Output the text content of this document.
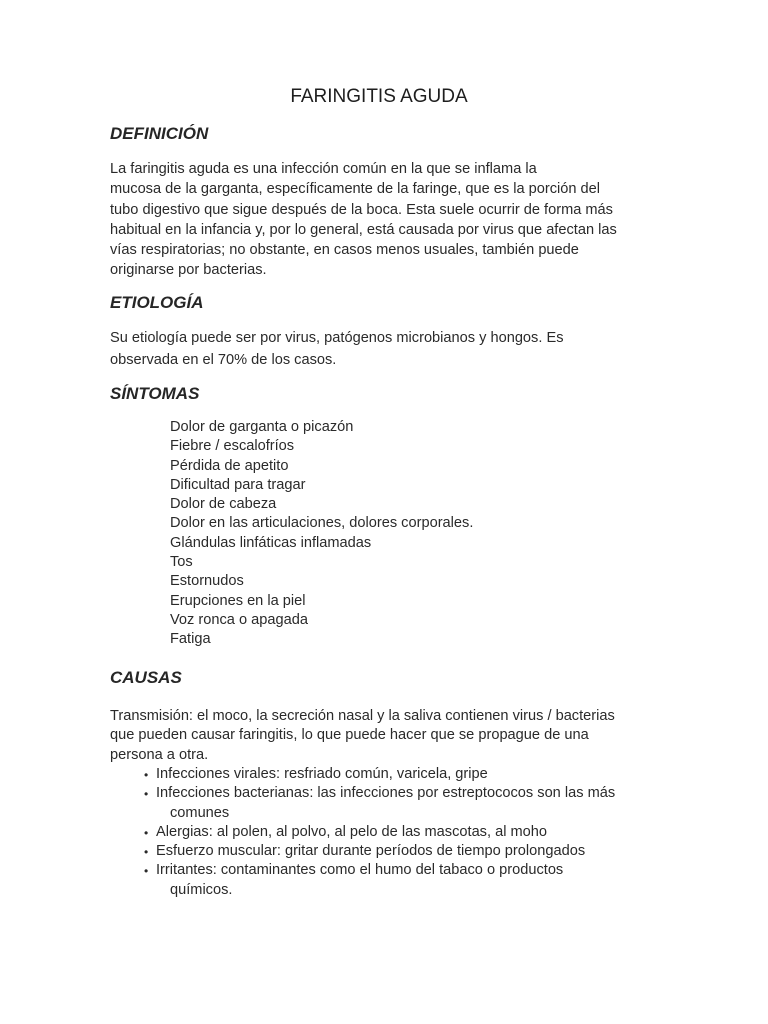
FARINGITIS AGUDA
DEFINICIÓN

La faringitis aguda es una infección común en la que se inflama la
mucosa de la garganta, específicamente de la faringe, que es la porción del
tubo digestivo que sigue después de la boca. Esta suele ocurrir de forma más
habitual en la infancia y, por lo general, está causada por virus que afectan las
vías respiratorias; no obstante, en casos menos usuales, también puede
originarse por bacterias.

ETIOLOGÍA

Su etiología puede ser por virus, patógenos microbianos y hongos. Es
observada en el 70% de los casos.

SÍNTOMAS
Dolor de garganta o picazón
Fiebre / escalofríos
Pérdida de apetito
Dificultad para tragar
Dolor de cabeza
Dolor en las articulaciones, dolores corporales.
Glándulas linfáticas inflamadas
Tos
Estornudos
Erupciones en la piel
Voz ronca o apagada
Fatiga
CAUSAS

Transmisión: el moco, la secreción nasal y la saliva contienen virus / bacterias
que pueden causar faringitis, lo que puede hacer que se propague de una
persona a otra.

• Infecciones virales: resfriado común, varicela, gripe
• Infecciones bacterianas: las infecciones por estreptococos son las más
comunes
• Alergias: al polen, al polvo, al pelo de las mascotas, al moho
• Esfuerzo muscular: gritar durante períodos de tiempo prolongados
• Irritantes: contaminantes como el humo del tabaco o productos
químicos.
